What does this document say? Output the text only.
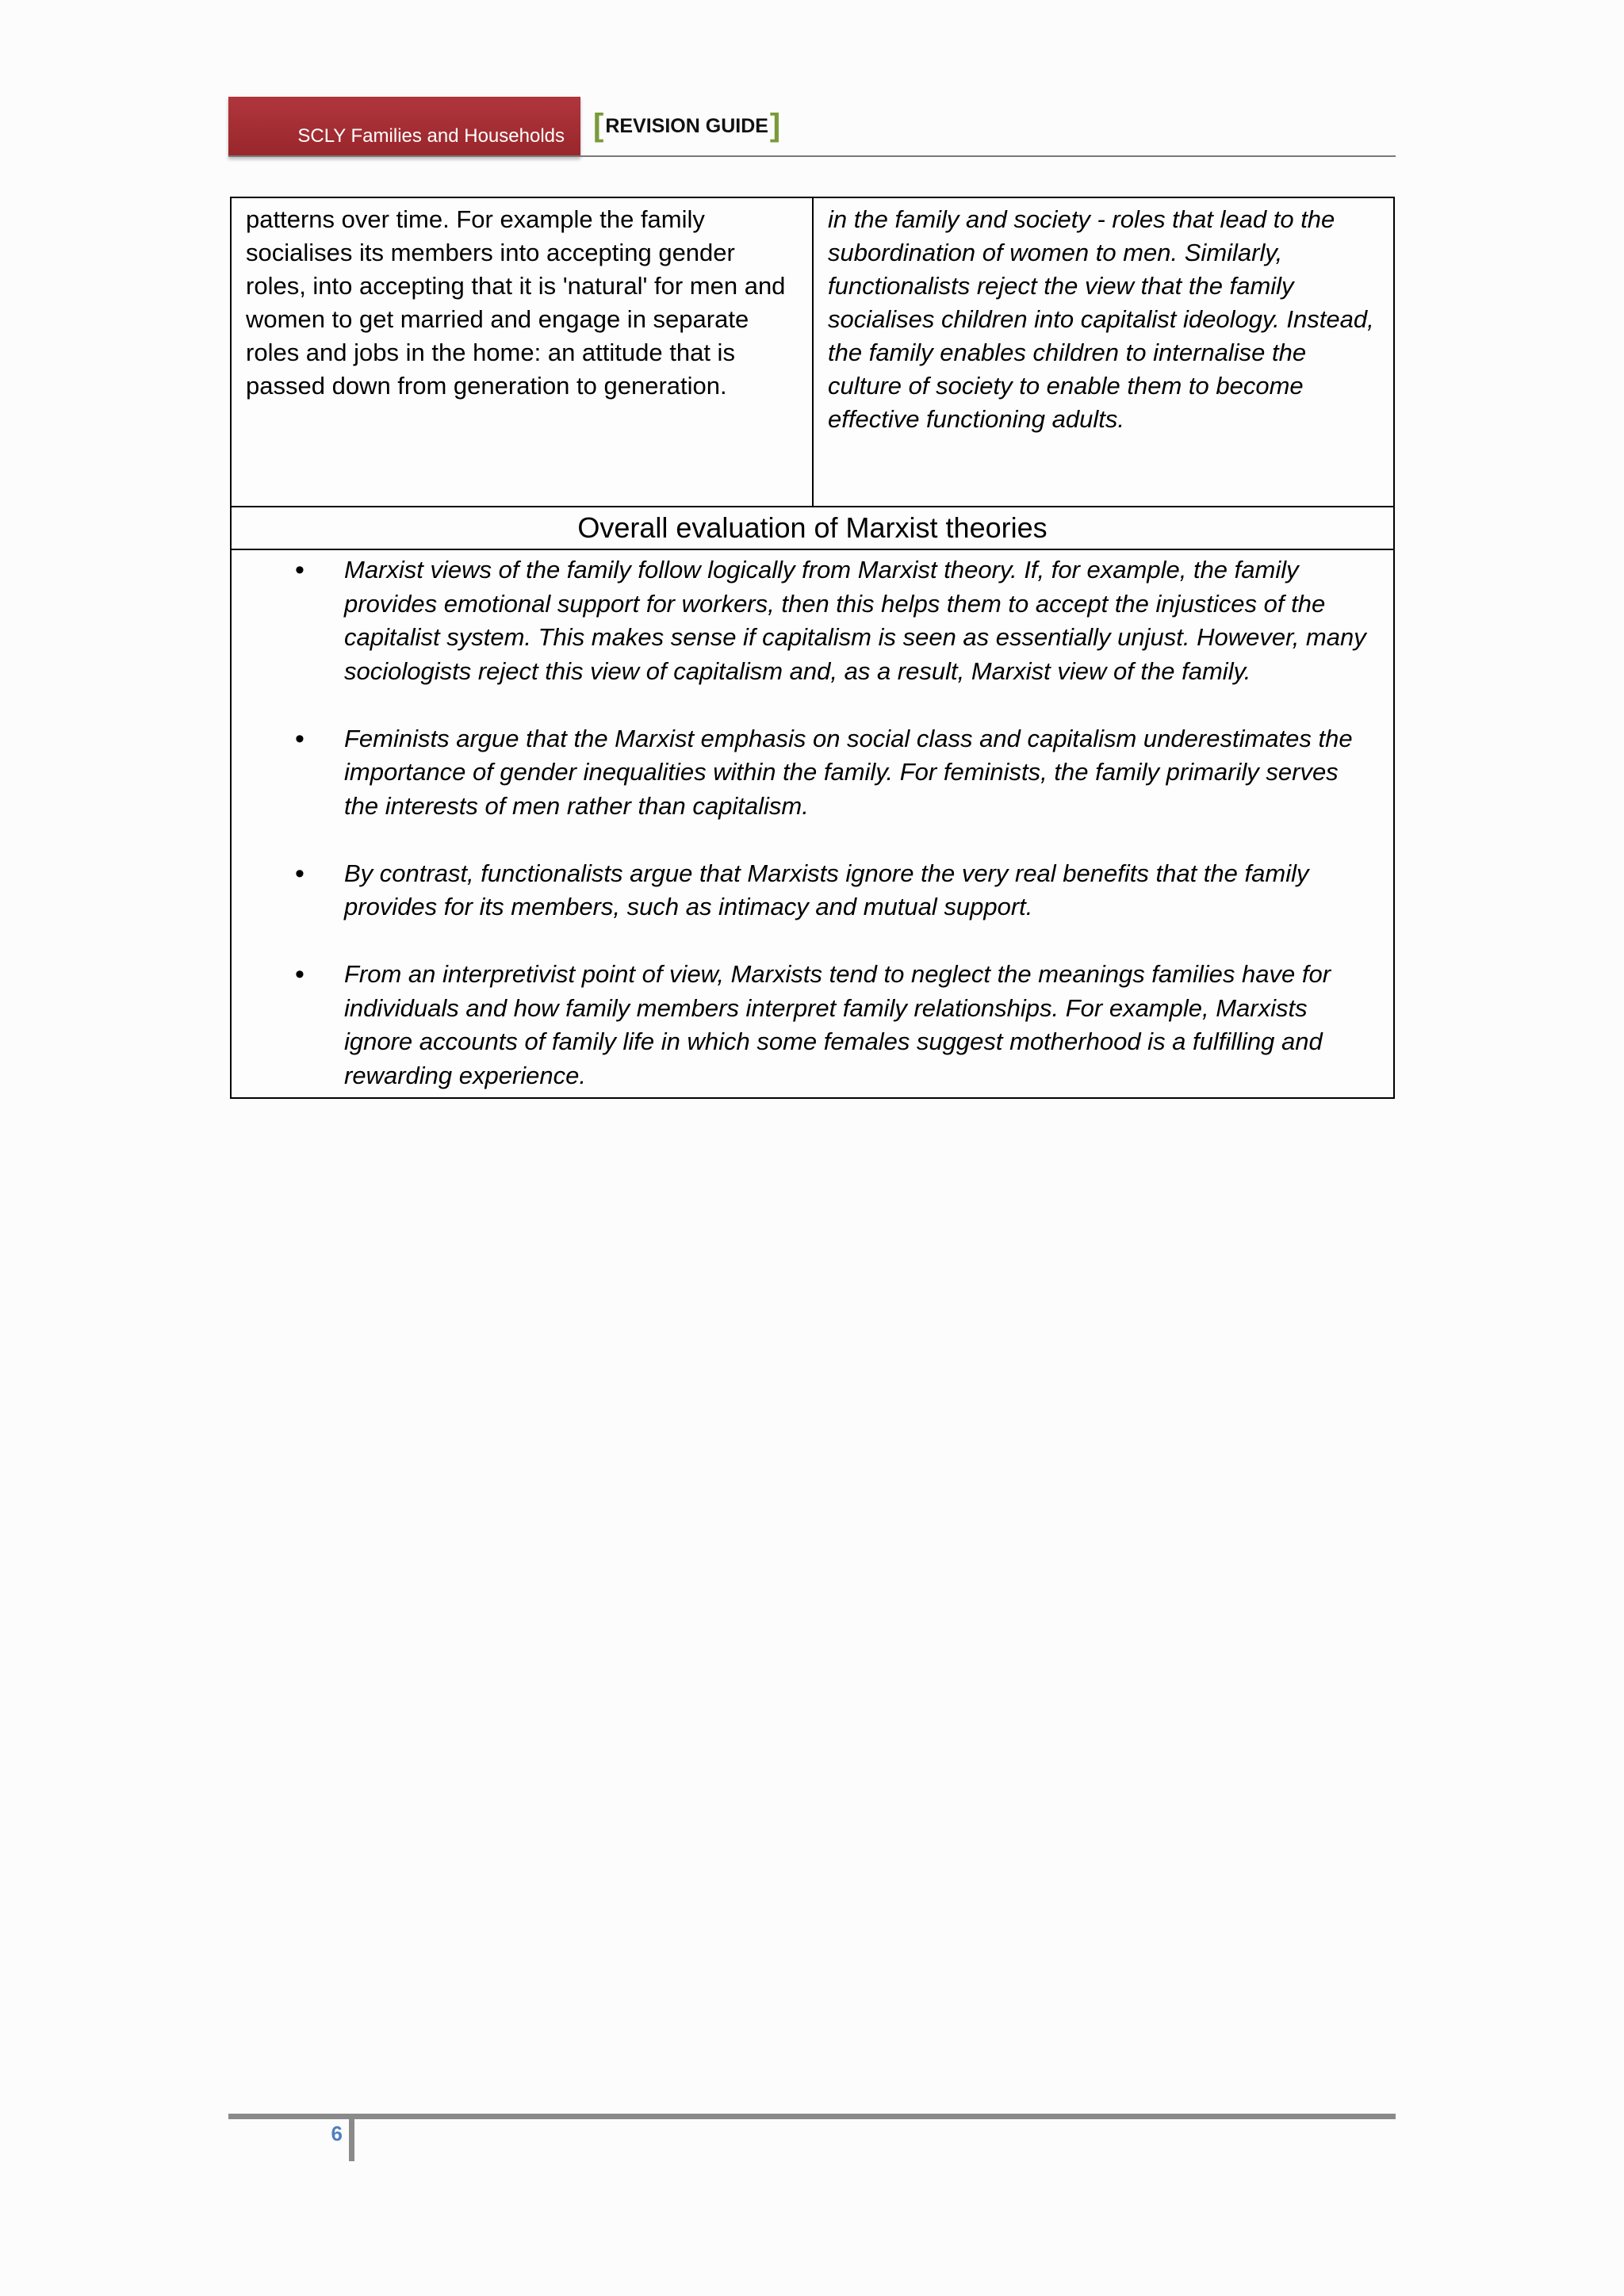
SCLY Families and Households [REVISION GUIDE]
patterns over time. For example the family socialises its members into accepting gender roles, into accepting that it is 'natural' for men and women to get married and engage in separate roles and jobs in the home: an attitude that is passed down from generation to generation.
in the family and society - roles that lead to the subordination of women to men. Similarly, functionalists reject the view that the family socialises children into capitalist ideology. Instead, the family enables children to internalise the culture of society to enable them to become effective functioning adults.
Overall evaluation of Marxist theories
• Marxist views of the family follow logically from Marxist theory. If, for example, the family provides emotional support for workers, then this helps them to accept the injustices of the capitalist system. This makes sense if capitalism is seen as essentially unjust. However, many sociologists reject this view of capitalism and, as a result, Marxist view of the family.
• Feminists argue that the Marxist emphasis on social class and capitalism underestimates the importance of gender inequalities within the family. For feminists, the family primarily serves the interests of men rather than capitalism.
• By contrast, functionalists argue that Marxists ignore the very real benefits that the family provides for its members, such as intimacy and mutual support.
• From an interpretivist point of view, Marxists tend to neglect the meanings families have for individuals and how family members interpret family relationships. For example, Marxists ignore accounts of family life in which some females suggest motherhood is a fulfilling and rewarding experience.
6
